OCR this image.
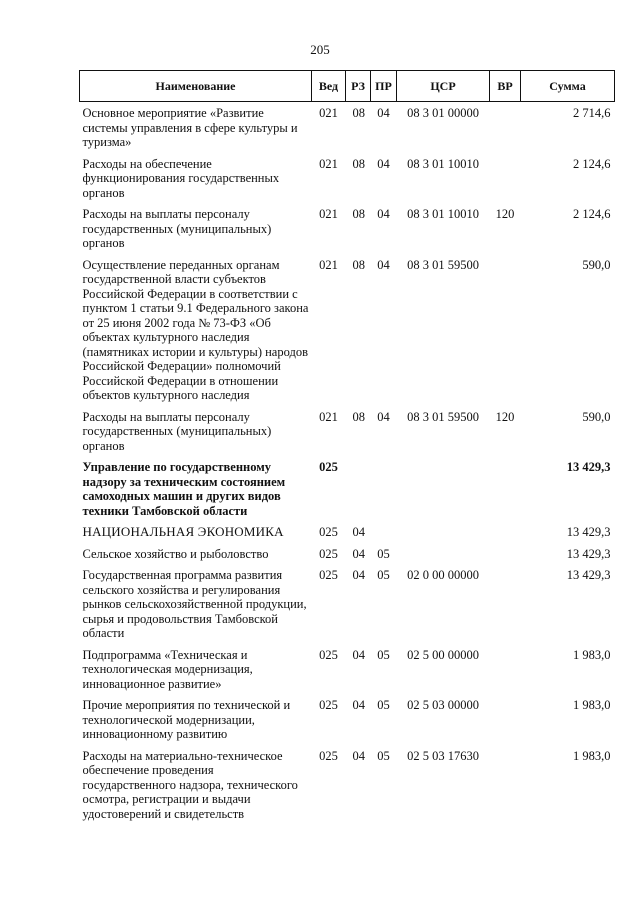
205
Наименование	Вед	РЗ	ПР	ЦСР	ВР	Сумма
Основное мероприятие «Развитие системы управления в сфере культуры и туризма»	021	08	04	08 3 01 00000		2 714,6
Расходы на обеспечение функционирования государственных органов	021	08	04	08 3 01 10010		2 124,6
Расходы на выплаты персоналу государственных (муниципальных) органов	021	08	04	08 3 01 10010	120	2 124,6
Осуществление переданных органам государственной власти субъектов Российской Федерации в соответствии с пунктом 1 статьи 9.1 Федерального закона от 25 июня 2002 года № 73-ФЗ «Об объектах культурного наследия (памятниках истории и культуры) народов Российской Федерации» полномочий Российской Федерации в отношении объектов культурного наследия	021	08	04	08 3 01 59500		590,0
Расходы на выплаты персоналу государственных (муниципальных) органов	021	08	04	08 3 01 59500	120	590,0
Управление по государственному надзору за техническим состоянием самоходных машин и других видов техники Тамбовской области	025					13 429,3
НАЦИОНАЛЬНАЯ ЭКОНОМИКА	025	04				13 429,3
Сельское хозяйство и рыболовство	025	04	05			13 429,3
Государственная программа развития сельского хозяйства и регулирования рынков сельскохозяйственной продукции, сырья и продовольствия Тамбовской области	025	04	05	02 0 00 00000		13 429,3
Подпрограмма «Техническая и технологическая модернизация, инновационное развитие»	025	04	05	02 5 00 00000		1 983,0
Прочие мероприятия по технической и технологической модернизации, инновационному развитию	025	04	05	02 5 03 00000		1 983,0
Расходы на материально-техническое обеспечение проведения государственного надзора, технического осмотра, регистрации и выдачи удостоверений и свидетельств	025	04	05	02 5 03 17630		1 983,0
